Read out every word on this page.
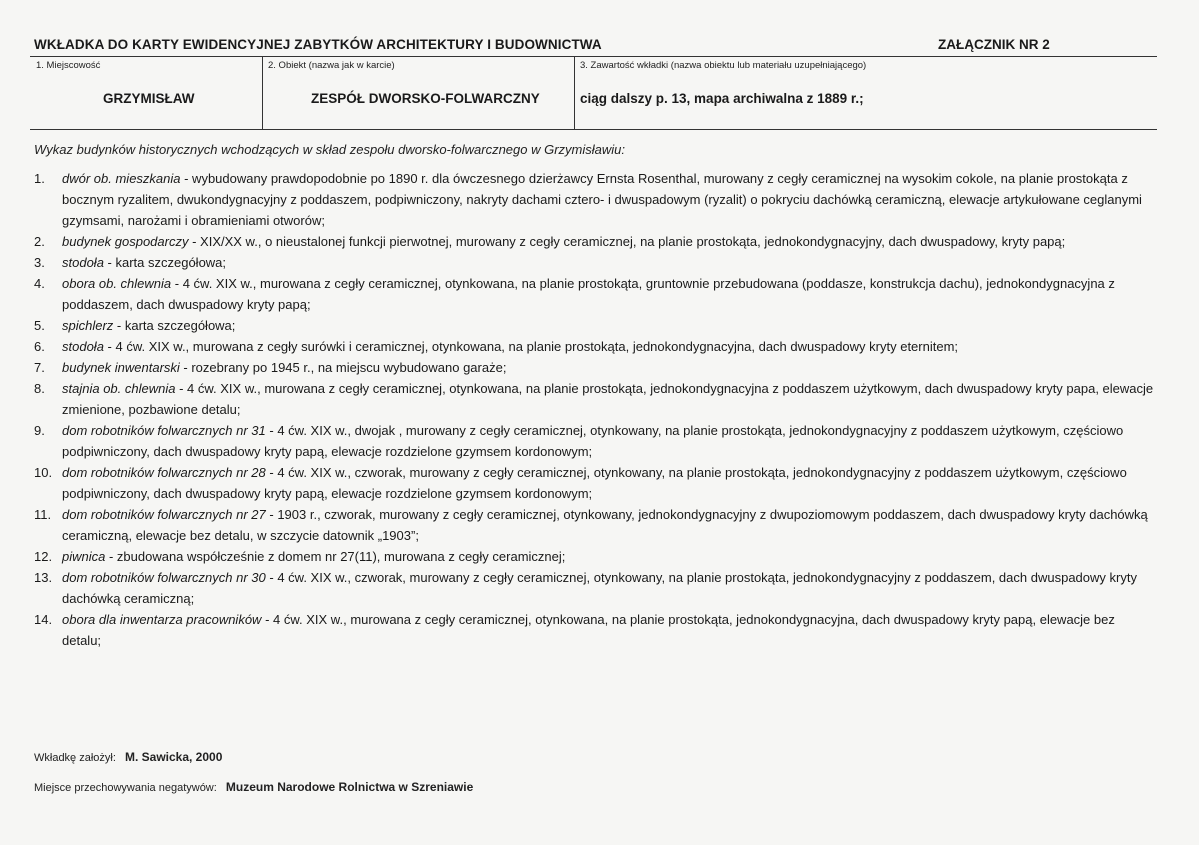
WKŁADKA DO KARTY EWIDENCYJNEJ ZABYTKÓW ARCHITEKTURY I BUDOWNICTWA	ZAŁĄCZNIK NR 2
1. Miejscowość	2. Obiekt (nazwa jak w karcie)	3. Zawartość wkładki (nazwa obiektu lub materiału uzupełniającego)
GRZYMISŁAW	ZESPÓŁ DWORSKO-FOLWARCZNY	ciąg dalszy p. 13, mapa archiwalna z 1889 r.;
Wykaz budynków historycznych wchodzących w skład zespołu dworsko-folwarcznego w Grzymisławiu:
1.	dwór ob. mieszkania - wybudowany prawdopodobnie po 1890 r. dla ówczesnego dzierżawcy Ernsta Rosenthal, murowany z cegły ceramicznej na wysokim cokole, na planie prostokąta z bocznym ryzalitem, dwukondygnacyjny z poddaszem, podpiwniczony, nakryty dachami cztero- i dwuspadowym (ryzalit) o pokryciu dachówką ceramiczną, elewacje artykułowane ceglanymi gzymsami, narożami i obramieniami otworów;
2.	budynek gospodarczy - XIX/XX w., o nieustalonej funkcji pierwotnej, murowany z cegły ceramicznej, na planie prostokąta, jednokondygnacyjny, dach dwuspadowy, kryty papą;
3.	stodoła - karta szczegółowa;
4.	obora ob. chlewnia - 4 ćw. XIX w., murowana z cegły ceramicznej, otynkowana, na planie prostokąta, gruntownie przebudowana (poddasze, konstrukcja dachu), jednokondygnacyjna z poddaszem, dach dwuspadowy kryty papą;
5.	spichlerz - karta szczegółowa;
6.	stodoła - 4 ćw. XIX w., murowana z cegły surówki i ceramicznej, otynkowana, na planie prostokąta, jednokondygnacyjna, dach dwuspadowy kryty eternitem;
7.	budynek inwentarski - rozebrany po 1945 r., na miejscu wybudowano garaże;
8.	stajnia ob. chlewnia - 4 ćw. XIX w., murowana z cegły ceramicznej, otynkowana, na planie prostokąta, jednokondygnacyjna z poddaszem użytkowym, dach dwuspadowy kryty papa, elewacje zmienione, pozbawione detalu;
9.	dom robotników folwarcznych nr 31 - 4 ćw. XIX w., dwojak , murowany z cegły ceramicznej, otynkowany, na planie prostokąta, jednokondygnacyjny z poddaszem użytkowym, częściowo podpiwniczony, dach dwuspadowy kryty papą, elewacje rozdzielone gzymsem kordonowym;
10. dom robotników folwarcznych nr 28 - 4 ćw. XIX w., czworak, murowany z cegły ceramicznej, otynkowany, na planie prostokąta, jednokondygnacyjny z poddaszem użytkowym, częściowo podpiwniczony, dach dwuspadowy kryty papą, elewacje rozdzielone gzymsem kordonowym;
11. dom robotników folwarcznych nr 27 - 1903 r., czworak, murowany z cegły ceramicznej, otynkowany, jednokondygnacyjny z dwupoziomowym poddaszem, dach dwuspadowy kryty dachówką ceramiczną, elewacje bez detalu, w szczycie datownik „1903”;
12. piwnica - zbudowana współcześnie z domem nr 27(11), murowana z cegły ceramicznej;
13. dom robotników folwarcznych nr 30 - 4 ćw. XIX w., czworak, murowany z cegły ceramicznej, otynkowany, na planie prostokąta, jednokondygnacyjny z poddaszem, dach dwuspadowy kryty dachówką ceramiczną;
14. obora dla inwentarza pracowników - 4 ćw. XIX w., murowana z cegły ceramicznej, otynkowana, na planie prostokąta, jednokondygnacyjna, dach dwuspadowy kryty papą, elewacje bez detalu;
Wkładkę założył: M. Sawicka, 2000
Miejsce przechowywania negatywów: Muzeum Narodowe Rolnictwa w Szreniawie
